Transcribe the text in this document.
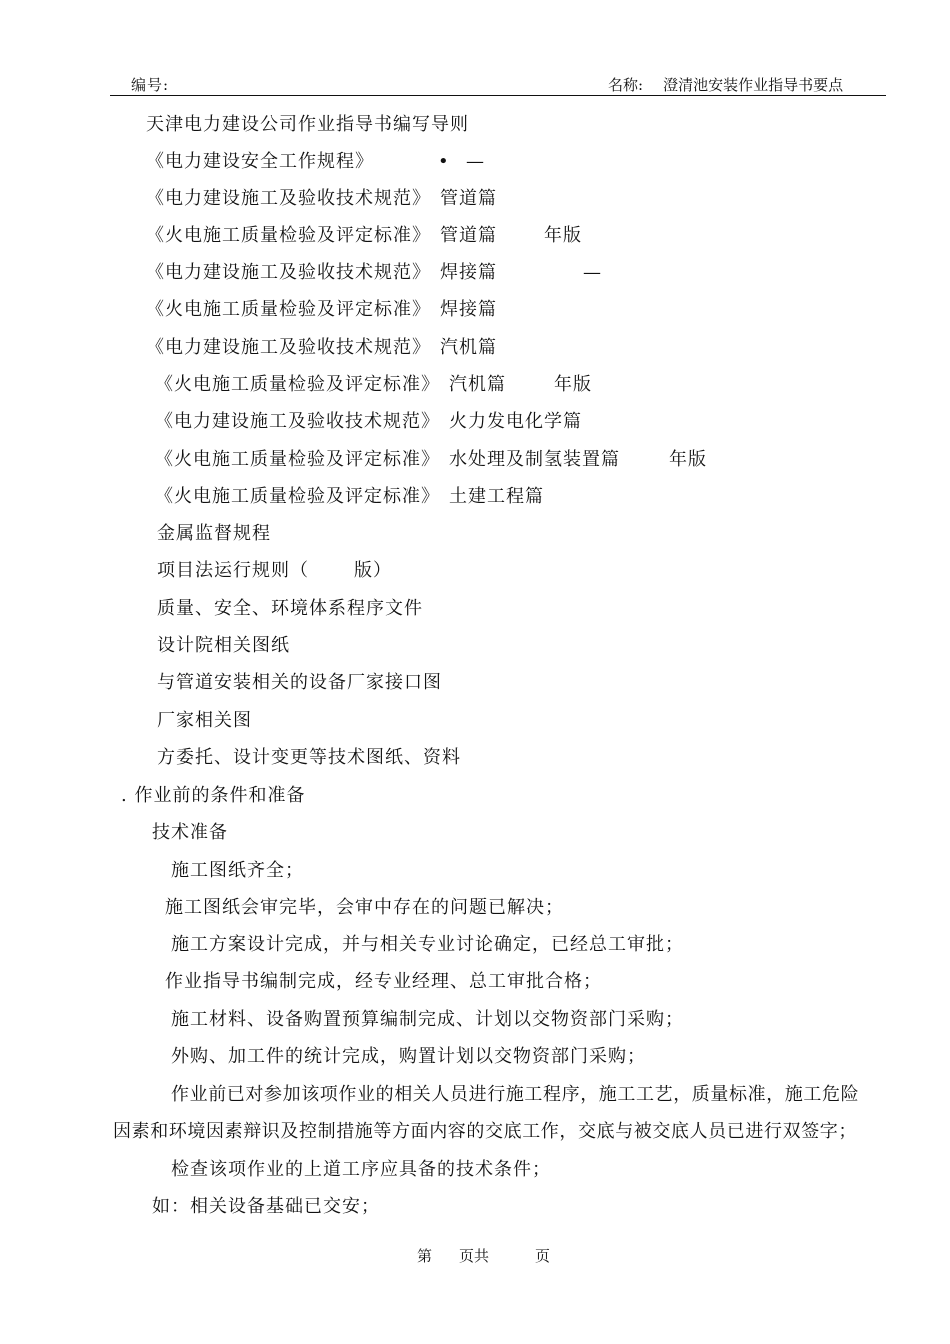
编号:	名称: 澄清池安装作业指导书要点
天津电力建设公司作业指导书编写导则
《电力建设安全工作规程》	• —
《电力建设施工及验收技术规范》 管道篇
《火电施工质量检验及评定标准》 管道篇	年版
《电力建设施工及验收技术规范》 焊接篇	—
《火电施工质量检验及评定标准》 焊接篇
《电力建设施工及验收技术规范》 汽机篇
《火电施工质量检验及评定标准》 汽机篇	年版
《电力建设施工及验收技术规范》 火力发电化学篇
《火电施工质量检验及评定标准》 水处理及制氢装置篇	年版
《火电施工质量检验及评定标准》 土建工程篇
金属监督规程
项目法运行规则（	版）
质量、安全、环境体系程序文件
设计院相关图纸
与管道安装相关的设备厂家接口图
厂家相关图
方委托、设计变更等技术图纸、资料
. 作业前的条件和准备
技术准备
施工图纸齐全；
施工图纸会审完毕，会审中存在的问题已解决；
施工方案设计完成，并与相关专业讨论确定，已经总工审批；
作业指导书编制完成，经专业经理、总工审批合格；
施工材料、设备购置预算编制完成、计划以交物资部门采购；
外购、加工件的统计完成，购置计划以交物资部门采购；
作业前已对参加该项作业的相关人员进行施工程序，施工工艺，质量标准，施工危险
因素和环境因素辩识及控制措施等方面内容的交底工作，交底与被交底人员已进行双签字；
检查该项作业的上道工序应具备的技术条件；
如：相关设备基础已交安；
第 页共	页
